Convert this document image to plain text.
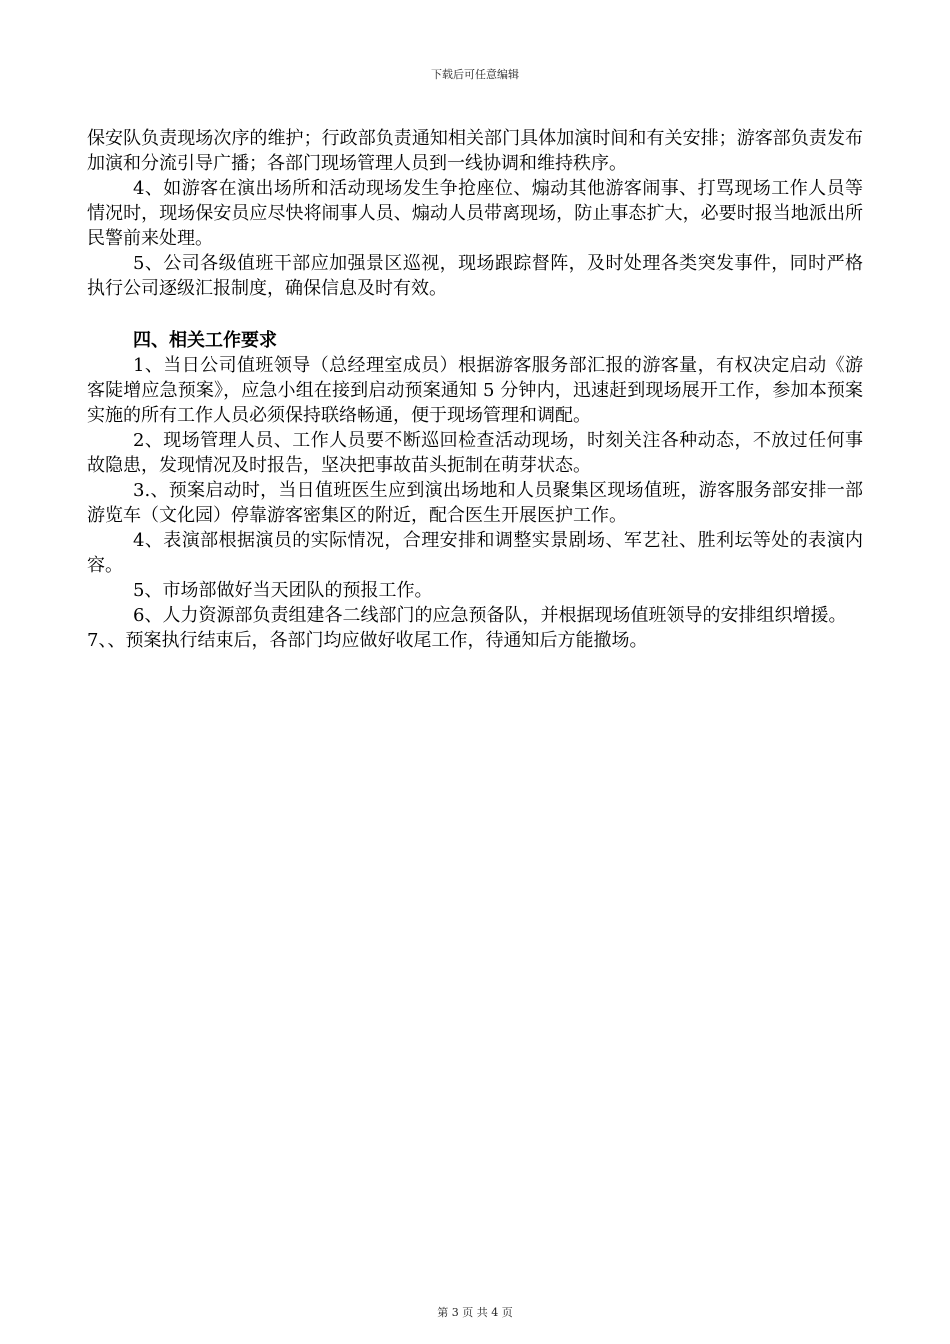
下载后可任意编辑

保安队负责现场次序的维护；行政部负责通知相关部门具体加演时间和有关安排；游客部负责发布加演和分流引导广播；各部门现场管理人员到一线协调和维持秩序。

4、如游客在演出场所和活动现场发生争抢座位、煽动其他游客闹事、打骂现场工作人员等情况时，现场保安员应尽快将闹事人员、煽动人员带离现场，防止事态扩大，必要时报当地派出所民警前来处理。

5、公司各级值班干部应加强景区巡视，现场跟踪督阵，及时处理各类突发事件，同时严格执行公司逐级汇报制度，确保信息及时有效。

四、相关工作要求

1、当日公司值班领导（总经理室成员）根据游客服务部汇报的游客量，有权决定启动《游客陡增应急预案》，应急小组在接到启动预案通知 5 分钟内，迅速赶到现场展开工作，参加本预案实施的所有工作人员必须保持联络畅通，便于现场管理和调配。

2、现场管理人员、工作人员要不断巡回检查活动现场，时刻关注各种动态，不放过任何事故隐患，发现情况及时报告，坚决把事故苗头扼制在萌芽状态。

3.、预案启动时，当日值班医生应到演出场地和人员聚集区现场值班，游客服务部安排一部游览车（文化园）停靠游客密集区的附近，配合医生开展医护工作。

4、表演部根据演员的实际情况，合理安排和调整实景剧场、军艺社、胜利坛等处的表演内容。

5、市场部做好当天团队的预报工作。

6、人力资源部负责组建各二线部门的应急预备队，并根据现场值班领导的安排组织增援。

7、、预案执行结束后，各部门均应做好收尾工作，待通知后方能撤场。

第 3 页 共 4 页
